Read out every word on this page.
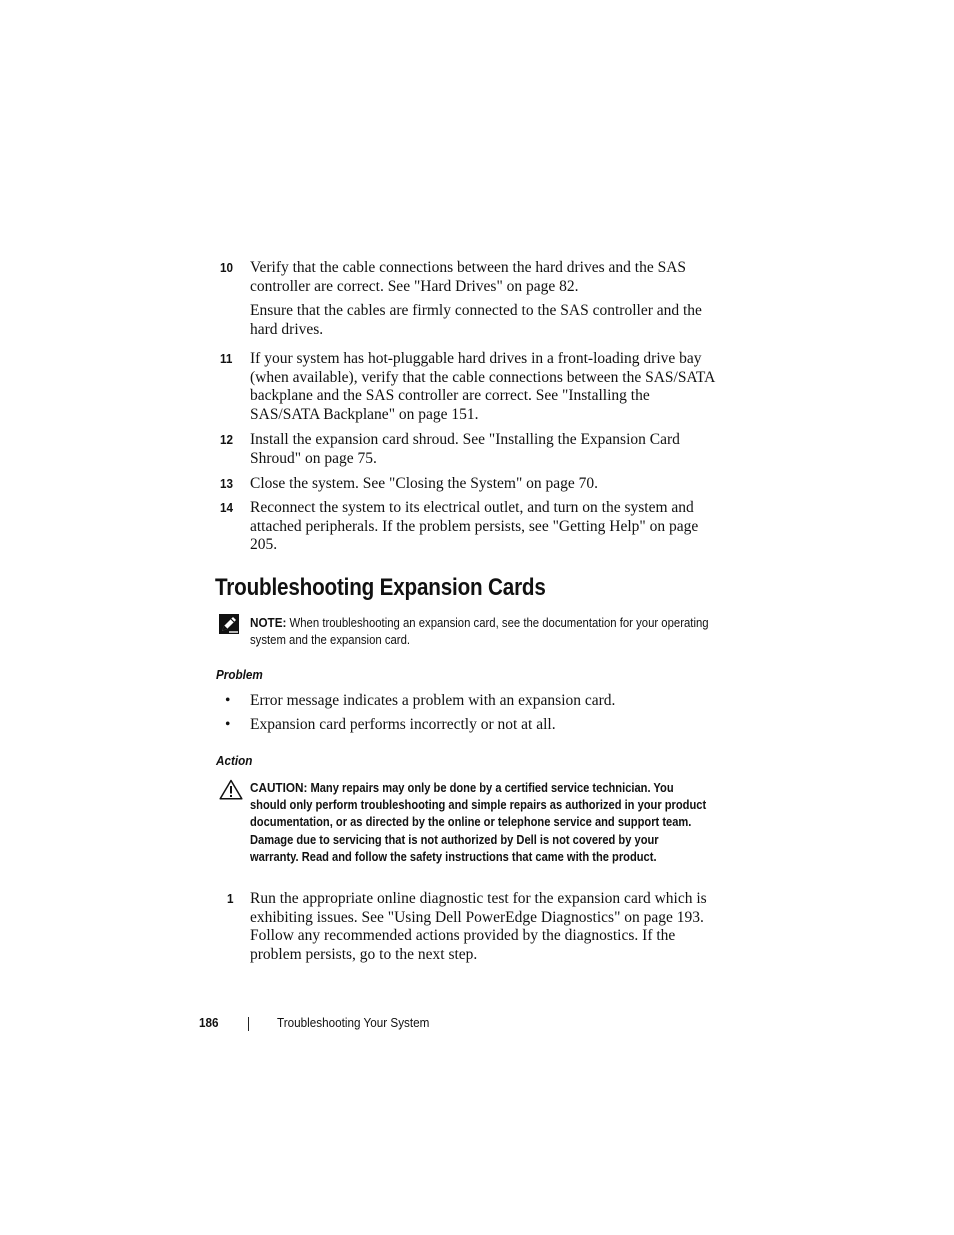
10 Verify that the cable connections between the hard drives and the SAS controller are correct. See "Hard Drives" on page 82.

Ensure that the cables are firmly connected to the SAS controller and the hard drives.

11 If your system has hot-pluggable hard drives in a front-loading drive bay (when available), verify that the cable connections between the SAS/SATA backplane and the SAS controller are correct. See "Installing the SAS/SATA Backplane" on page 151.

12 Install the expansion card shroud. See "Installing the Expansion Card Shroud" on page 75.

13 Close the system. See "Closing the System" on page 70.

14 Reconnect the system to its electrical outlet, and turn on the system and attached peripherals. If the problem persists, see "Getting Help" on page 205.

Troubleshooting Expansion Cards
NOTE: When troubleshooting an expansion card, see the documentation for your operating system and the expansion card.
Problem
• Error message indicates a problem with an expansion card.
• Expansion card performs incorrectly or not at all.
Action
CAUTION: Many repairs may only be done by a certified service technician. You should only perform troubleshooting and simple repairs as authorized in your product documentation, or as directed by the online or telephone service and support team. Damage due to servicing that is not authorized by Dell is not covered by your warranty. Read and follow the safety instructions that came with the product.
1 Run the appropriate online diagnostic test for the expansion card which is exhibiting issues. See "Using Dell PowerEdge Diagnostics" on page 193. Follow any recommended actions provided by the diagnostics. If the problem persists, go to the next step.

186	Troubleshooting Your System
